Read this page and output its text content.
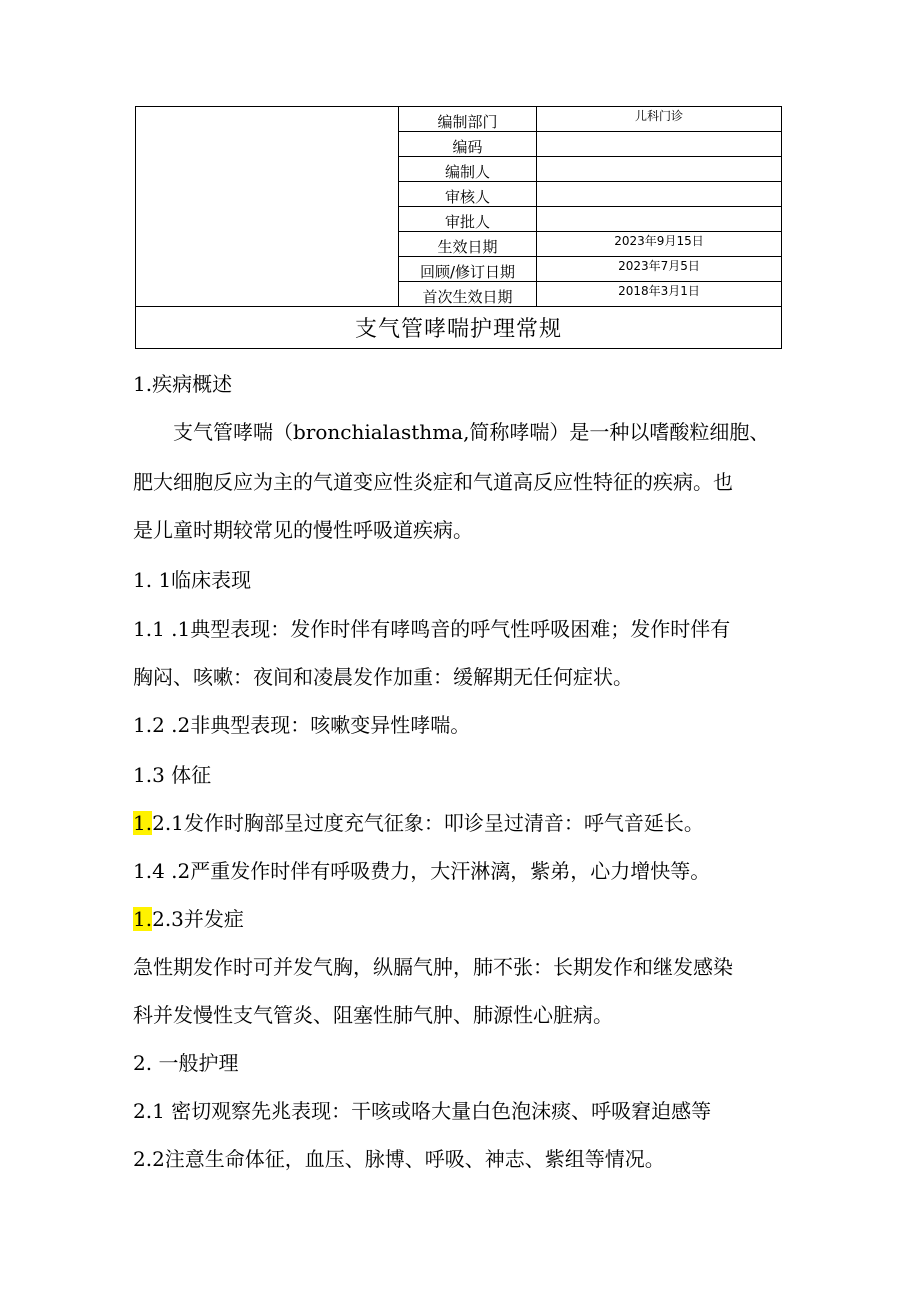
	编制部门	儿科门诊
	编码	
	编制人	
	审核人	
	审批人	
	生效日期	2023年9月15日
	回顾/修订日期	2023年7月5日
	首次生效日期	2018年3月1日
支气管哮喘护理常规		

1.疾病概述

支气管哮喘（bronchialasthma,简称哮喘）是一种以嗜酸粒细胞、

肥大细胞反应为主的气道变应性炎症和气道高反应性特征的疾病。也

是儿童时期较常见的慢性呼吸道疾病。

1. 1临床表现

1.1 .1典型表现：发作时伴有哮鸣音的呼气性呼吸困难；发作时伴有

胸闷、咳嗽：夜间和凌晨发作加重：缓解期无任何症状。

1.2 .2非典型表现：咳嗽变异性哮喘。

1.3 体征

1.2.1发作时胸部呈过度充气征象：叩诊呈过清音：呼气音延长。

1.4 .2严重发作时伴有呼吸费力，大汗淋漓，紫弟，心力增快等。

1.2.3并发症

急性期发作时可并发气胸，纵膈气肿，肺不张：长期发作和继发感染

科并发慢性支气管炎、阻塞性肺气肿、肺源性心脏病。

2. 一般护理

2.1 密切观察先兆表现：干咳或咯大量白色泡沫痰、呼吸窘迫感等

2.2注意生命体征，血压、脉博、呼吸、神志、紫组等情况。
